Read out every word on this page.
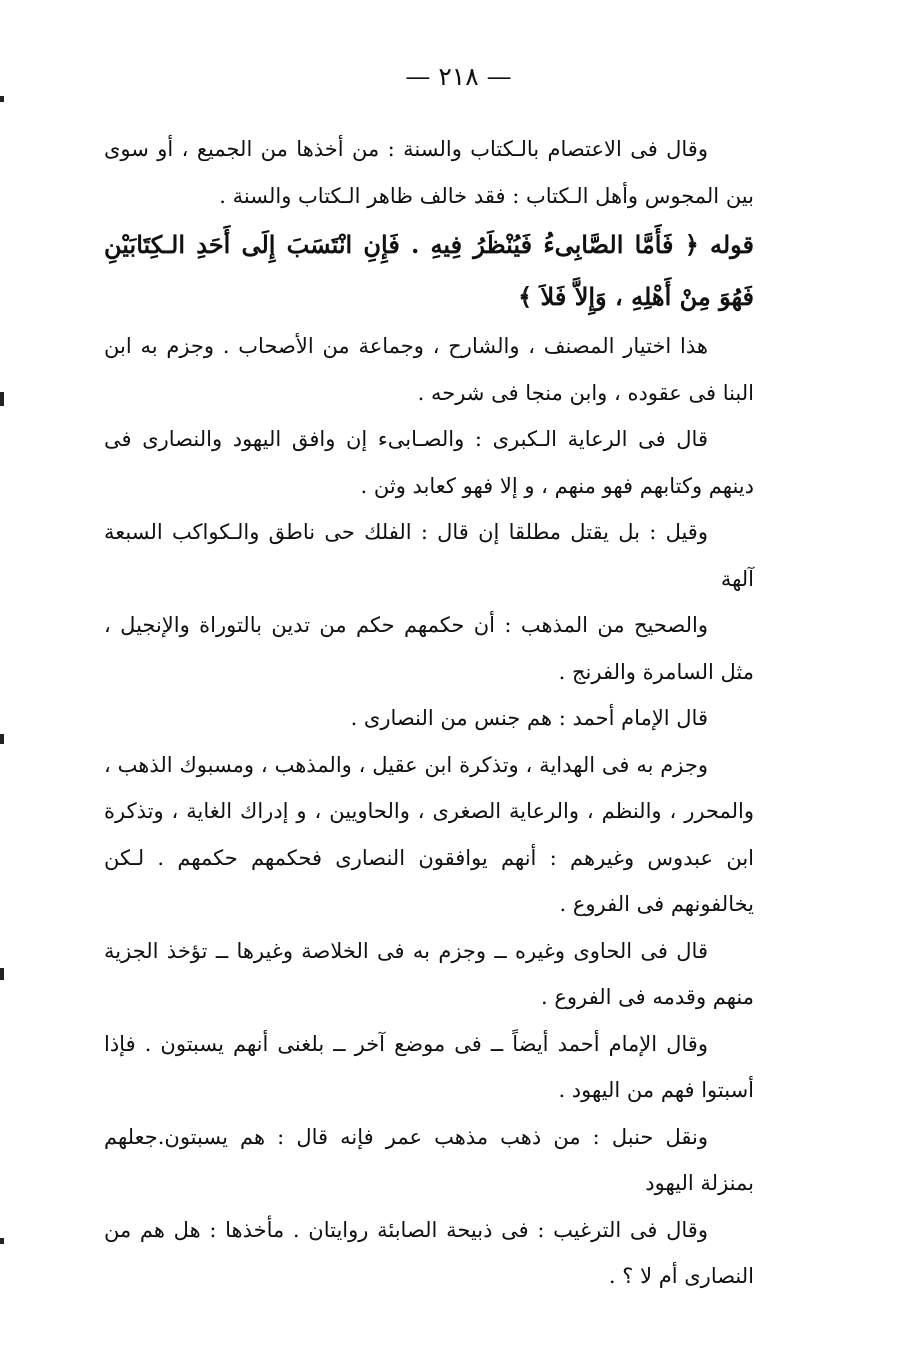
— ٢١٨ —

وقال فى الاعتصام بالـكتاب والسنة : من أخذها من الجميع ، أو سوى بين المجوس وأهل الـكتاب : فقد خالف ظاهر الـكتاب والسنة .

قوله ﴿ فَأَمَّا الصَّابِىءُ فَيُنْظَرُ فِيهِ . فَإِنِ انْتَسَبَ إِلَى أَحَدِ الـكِتَابَيْنِ فَهُوَ مِنْ أَهْلِهِ ، وَإِلاَّ فَلاَ ﴾

هذا اختيار المصنف ، والشارح ، وجماعة من الأصحاب . وجزم به ابن البنا فى عقوده ، وابن منجا فى شرحه .

قال فى الرعاية الـكبرى : والصـابىء إن وافق اليهود والنصارى فى دينهم وكتابهم فهو منهم ، و إلا فهو كعابد وثن .

وقيل : بل يقتل مطلقا إن قال : الفلك حى ناطق والـكواكب السبعة آلهة

والصحيح من المذهب : أن حكمهم حكم من تدين بالتوراة والإنجيل ، مثل السامرة والفرنج .

قال الإمام أحمد : هم جنس من النصارى .

وجزم به فى الهداية ، وتذكرة ابن عقيل ، والمذهب ، ومسبوك الذهب ، والمحرر ، والنظم ، والرعاية الصغرى ، والحاويين ، و إدراك الغاية ، وتذكرة ابن عبدوس وغيرهم : أنهم يوافقون النصارى فحكمهم حكمهم . لـكن يخالفونهم فى الفروع .

قال فى الحاوى وغيره ــ وجزم به فى الخلاصة وغيرها ــ تؤخذ الجزية منهم وقدمه فى الفروع .

وقال الإمام أحمد أيضاً ــ فى موضع آخر ــ بلغنى أنهم يسبتون . فإذا أسبتوا فهم من اليهود .

ونقل حنبل : من ذهب مذهب عمر فإنه قال : هم يسبتون.جعلهم بمنزلة اليهود

وقال فى الترغيب : فى ذبيحة الصابئة روايتان . مأخذها : هل هم من النصارى أم لا ؟ .
